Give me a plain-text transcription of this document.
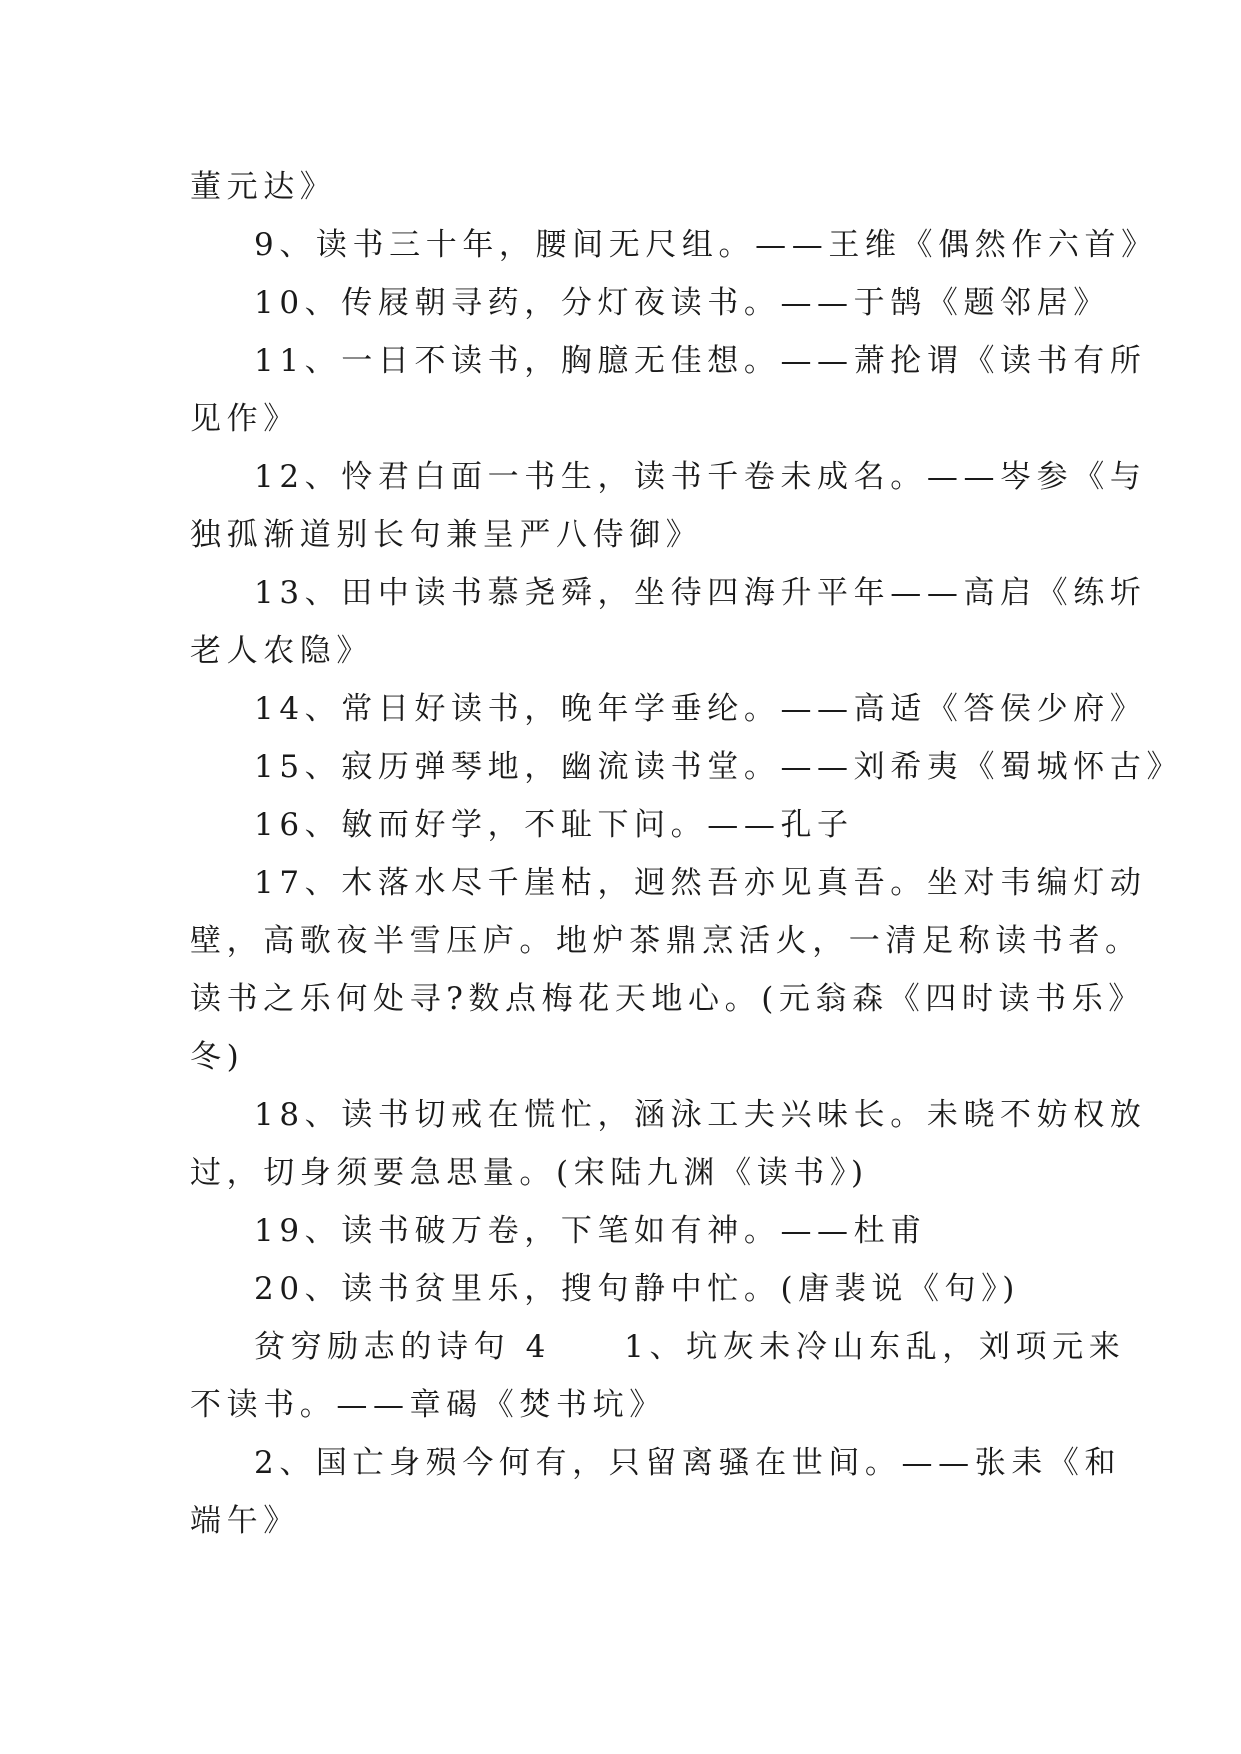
董元达》
9、读书三十年，腰间无尺组。——王维《偶然作六首》
10、传屐朝寻药，分灯夜读书。——于鹄《题邻居》
11、一日不读书，胸臆无佳想。——萧抡谓《读书有所
见作》
12、怜君白面一书生，读书千卷未成名。——岑参《与
独孤渐道别长句兼呈严八侍御》
13、田中读书慕尧舜，坐待四海升平年——高启《练圻
老人农隐》
14、常日好读书，晚年学垂纶。——高适《答侯少府》
15、寂历弹琴地，幽流读书堂。——刘希夷《蜀城怀古》
16、敏而好学，不耻下问。——孔子
17、木落水尽千崖枯，迥然吾亦见真吾。坐对韦编灯动
壁，高歌夜半雪压庐。地炉茶鼎烹活火，一清足称读书者。
读书之乐何处寻?数点梅花天地心。(元翁森《四时读书乐》
冬)
18、读书切戒在慌忙，涵泳工夫兴味长。未晓不妨权放
过，切身须要急思量。(宋陆九渊《读书》)
19、读书破万卷，下笔如有神。——杜甫
20、读书贫里乐，搜句静中忙。(唐裴说《句》)
贫穷励志的诗句 4　　1、坑灰未冷山东乱，刘项元来
不读书。——章碣《焚书坑》
2、国亡身殒今何有，只留离骚在世间。——张耒《和
端午》
